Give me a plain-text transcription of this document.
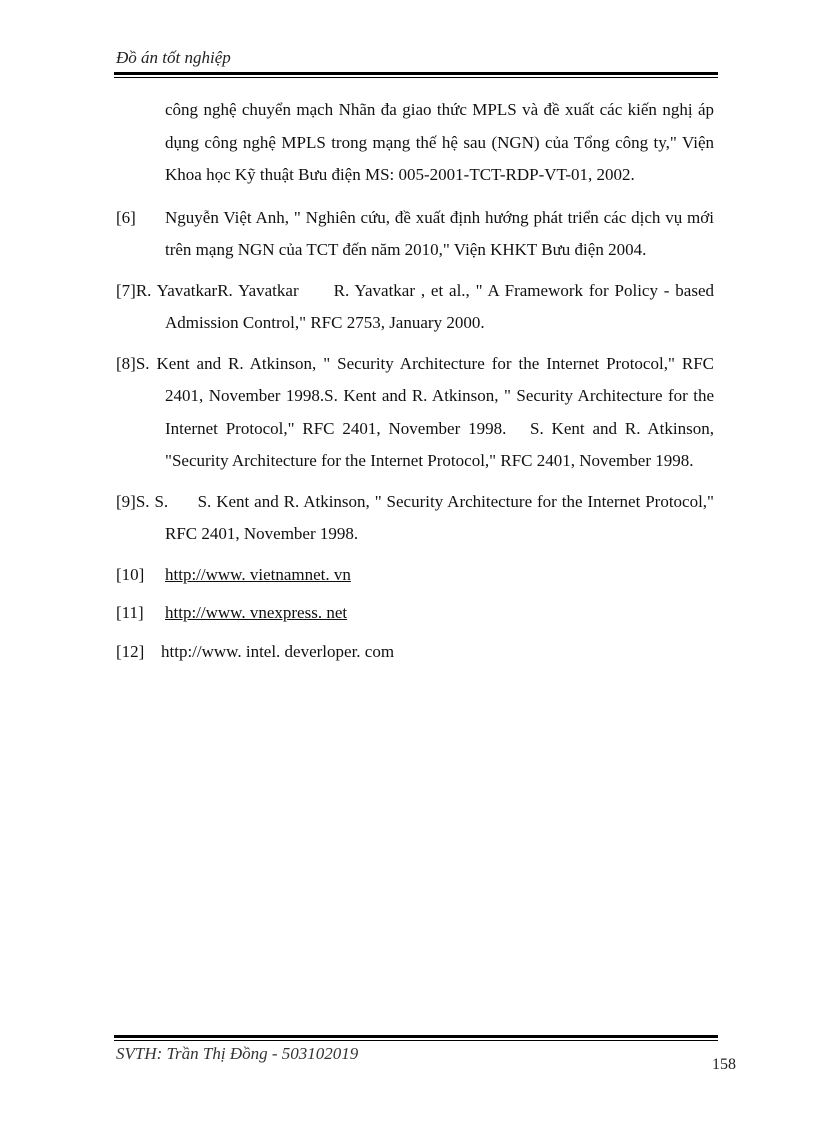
Đồ án tốt nghiệp
công nghệ chuyển mạch Nhãn đa giao thức MPLS và đề xuất các kiến nghị áp dụng công nghệ MPLS trong mạng thế hệ sau (NGN) của Tổng công ty," Viện Khoa học Kỹ thuật Bưu điện MS: 005-2001-TCT-RDP-VT-01, 2002.
[6] Nguyễn Việt Anh, " Nghiên cứu, đề xuất định hướng phát triển các dịch vụ mới trên mạng NGN của TCT đến năm 2010," Viện KHKT Bưu điện 2004.
[7]R. YavatkarR. Yavatkar      R. Yavatkar , et al., " A Framework for Policy - based Admission Control," RFC 2753, January 2000.
[8]S. Kent and R. Atkinson, " Security Architecture for the Internet Protocol," RFC 2401, November 1998.S. Kent and R. Atkinson, " Security Architecture for the Internet Protocol," RFC 2401, November 1998.   S. Kent and R. Atkinson, "Security Architecture for the Internet Protocol," RFC 2401, November 1998.
[9]S. S.      S. Kent and R. Atkinson, " Security Architecture for the Internet Protocol," RFC 2401, November 1998.
[10] http://www. vietnamnet. vn
[11] http://www. vnexpress. net
[12] http://www. intel. deverloper. com
SVTH: Trần Thị Đồng - 503102019
158
